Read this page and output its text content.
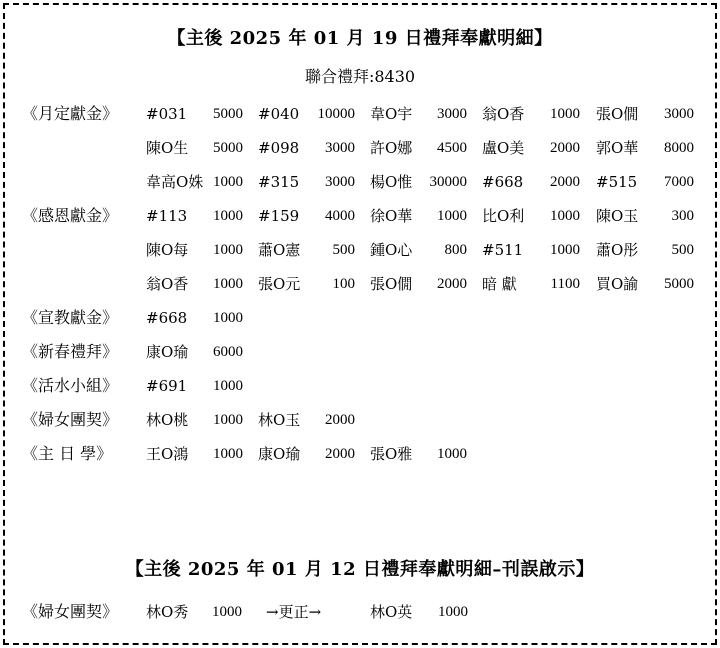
【主後 2025 年 01 月 19 日禮拜奉獻明細】
聯合禮拜:8430
《月定獻金》 #031	5000 #040	10000 韋O宇	3000 翁O香	1000 張O僩	3000
陳O生	5000 #098	3000 許O娜	4500 盧O美	2000 郭O華	8000
韋高O姝 1000 #315	3000 楊O惟	30000 #668	2000 #515	7000
《感恩獻金》 #113	1000 #159	4000 徐O華	1000 比O利	1000 陳O玉	300
陳O每	1000 蕭O憲	500 鍾O心	800 #511	1000 蕭O彤	500
翁O香	1000 張O元	100 張O僩	2000 暗 獻	1100 買O諭	5000
《宣教獻金》 #668	1000
《新春禮拜》 康O瑜	6000
《活水小組》 #691	1000
《婦女團契》 林O桃	1000 林O玉	2000
《主 日 學》 王O鴻	1000 康O瑜	2000 張O雅	1000
【主後 2025 年 01 月 12 日禮拜奉獻明細–刊誤啟示】
《婦女團契》 林O秀	1000 →更正→	林O英	1000
